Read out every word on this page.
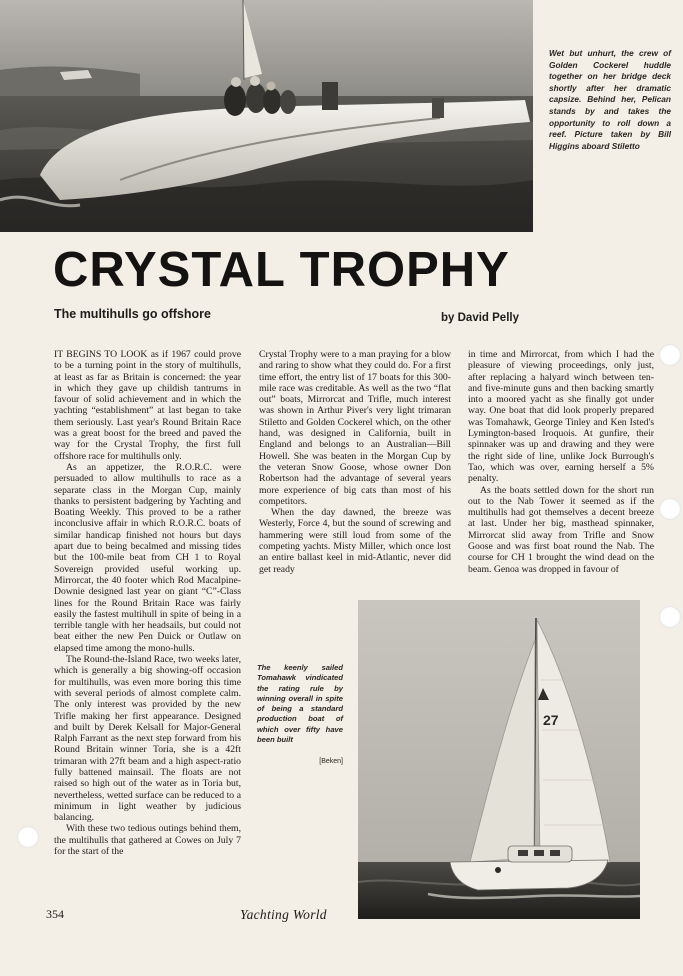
Wet but unhurt, the crew of Golden Cockerel huddle together on her bridge deck shortly after her dramatic capsize. Behind her, Pelican stands by and takes the opportunity to roll down a reef. Picture taken by Bill Higgins aboard Stiletto
CRYSTAL TROPHY
The multihulls go offshore	by David Pelly

IT BEGINS TO LOOK as if 1967 could prove to be a turning point in the story of multihulls, at least as far as Britain is concerned: the year in which they gave up childish tantrums in favour of solid achievement and in which the yachting “establishment” at last began to take them seriously. Last year's Round Britain Race was a great boost for the breed and paved the way for the Crystal Trophy, the first full offshore race for multihulls only.

As an appetizer, the R.O.R.C. were persuaded to allow multihulls to race as a separate class in the Morgan Cup, mainly thanks to persistent badgering by Yachting and Boating Weekly. This proved to be a rather inconclusive affair in which R.O.R.C. boats of similar handicap finished not hours but days apart due to being becalmed and missing tides but the 100-mile beat from CH 1 to Royal Sovereign provided useful working up. Mirrorcat, the 40 footer which Rod Macalpine-Downie designed last year on giant “C”-Class lines for the Round Britain Race was fairly easily the fastest multihull in spite of being in a terrible tangle with her headsails, but could not beat either the new Pen Duick or Outlaw on elapsed time among the mono-hulls.

The Round-the-Island Race, two weeks later, which is generally a big showing-off occasion for multihulls, was even more boring this time with several periods of almost complete calm. The only interest was provided by the new Trifle making her first appearance. Designed and built by Derek Kelsall for Major-General Ralph Farrant as the next step forward from his Round Britain winner Toria, she is a 42ft trimaran with 27ft beam and a high aspect-ratio fully battened mainsail. The floats are not raised so high out of the water as in Toria but, nevertheless, wetted surface can be reduced to a minimum in light weather by judicious balancing.

With these two tedious outings behind them, the multihulls that gathered at Cowes on July 7 for the start of the

Crystal Trophy were to a man praying for a blow and raring to show what they could do. For a first time effort, the entry list of 17 boats for this 300-mile race was creditable. As well as the two “flat out” boats, Mirrorcat and Trifle, much interest was shown in Arthur Piver's very light trimaran Stiletto and Golden Cockerel which, on the other hand, was designed in California, built in England and belongs to an Australian—Bill Howell. She was beaten in the Morgan Cup by the veteran Snow Goose, whose owner Don Robertson had the advantage of several years more experience of big cats than most of his competitors.

When the day dawned, the breeze was Westerly, Force 4, but the sound of screwing and hammering were still loud from some of the competing yachts. Misty Miller, which once lost an entire ballast keel in mid-Atlantic, never did get ready

in time and Mirrorcat, from which I had the pleasure of viewing proceedings, only just, after replacing a halyard winch between ten- and five-minute guns and then backing smartly into a moored yacht as she finally got under way. One boat that did look properly prepared was Tomahawk, George Tinley and Ken Isted's Lymington-based Iroquois. At gunfire, their spinnaker was up and drawing and they were the right side of line, unlike Jock Burrough's Tao, which was over, earning herself a 5% penalty.

As the boats settled down for the short run out to the Nab Tower it seemed as if the multihulls had got themselves a decent breeze at last. Under her big, masthead spinnaker, Mirrorcat slid away from Trifle and Snow Goose and was first boat round the Nab. The course for CH 1 brought the wind dead on the beam. Genoa was dropped in favour of

27
The keenly sailed Tomahawk vindicated the rating rule by winning overall in spite of being a standard production boat of which over fifty have been built
[Beken]
354	Yachting World
